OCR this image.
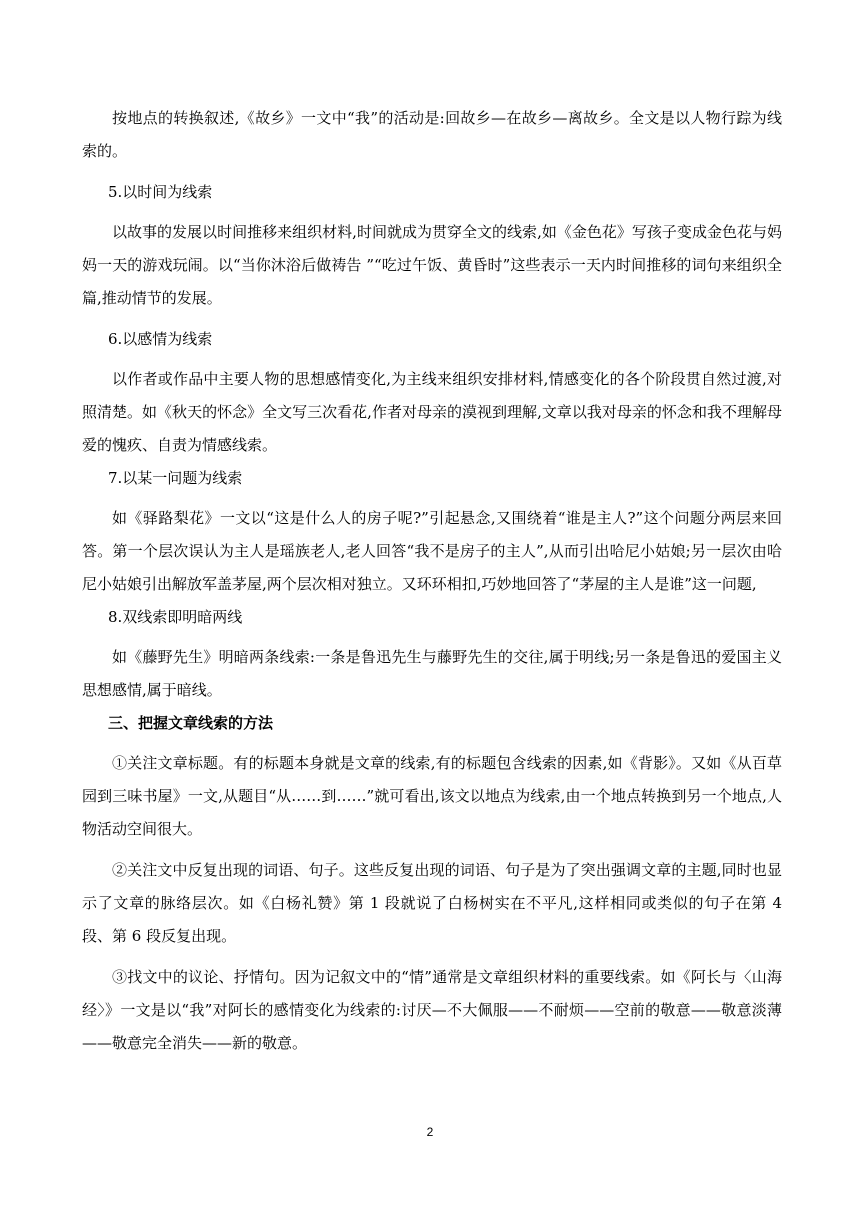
按地点的转换叙述,《故乡》一文中“我”的活动是:回故乡—在故乡—离故乡。全文是以人物行踪为线索的。

5.以时间为线索

以故事的发展以时间推移来组织材料,时间就成为贯穿全文的线索,如《金色花》写孩子变成金色花与妈妈一天的游戏玩闹。以“当你沐浴后做祷告 ”“吃过午饭、黄昏时”这些表示一天内时间推移的词句来组织全篇,推动情节的发展。

6.以感情为线索

以作者或作品中主要人物的思想感情变化,为主线来组织安排材料,情感变化的各个阶段贯自然过渡,对照清楚。如《秋天的怀念》全文写三次看花,作者对母亲的漠视到理解,文章以我对母亲的怀念和我不理解母爱的愧疚、自责为情感线索。

7.以某一问题为线索

如《驿路梨花》一文以“这是什么人的房子呢?”引起悬念,又围绕着“谁是主人?”这个问题分两层来回答。第一个层次误认为主人是瑶族老人,老人回答“我不是房子的主人”,从而引出哈尼小姑娘;另一层次由哈尼小姑娘引出解放军盖茅屋,两个层次相对独立。又环环相扣,巧妙地回答了“茅屋的主人是谁”这一问题,

8.双线索即明暗两线

如《藤野先生》明暗两条线索:一条是鲁迅先生与藤野先生的交往,属于明线;另一条是鲁迅的爱国主义思想感情,属于暗线。

三、把握文章线索的方法

①关注文章标题。有的标题本身就是文章的线索,有的标题包含线索的因素,如《背影》。又如《从百草园到三味书屋》一文,从题目“从……到……”就可看出,该文以地点为线索,由一个地点转换到另一个地点,人物活动空间很大。

②关注文中反复出现的词语、句子。这些反复出现的词语、句子是为了突出强调文章的主题,同时也显示了文章的脉络层次。如《白杨礼赞》第 1 段就说了白杨树实在不平凡,这样相同或类似的句子在第 4 段、第 6 段反复出现。

③找文中的议论、抒情句。因为记叙文中的“情”通常是文章组织材料的重要线索。如《阿长与〈山海经〉》一文是以“我”对阿长的感情变化为线索的:讨厌—不大佩服——不耐烦——空前的敬意——敬意淡薄——敬意完全消失——新的敬意。

2
